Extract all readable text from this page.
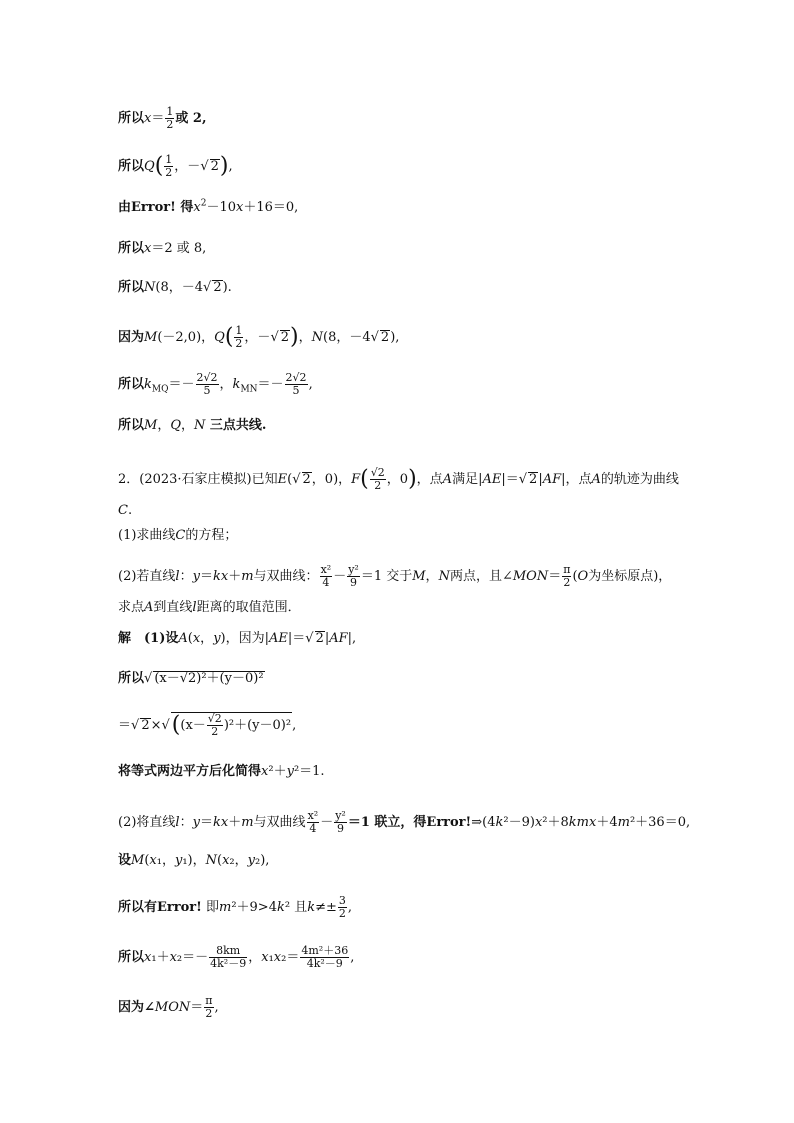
所以$x= \frac{1}{2}$ 或 2,
所以$Q( \frac{1}{2}$ ，－√ 2),
由Error! 得$x^2-10x+16=0$,
所以x＝2 或 8,
所以N(8，－4√ 2).
因为M(－2,0)，$Q( \frac{1}{2}$ ，－√ 2)，N(8，－4√ 2),
所以$k_{MQ}=- \frac{2√2}{5}$ ，$k_{MN}=- \frac{2√2}{5}$ ,
所以M，Q，N 三点共线.
2．(2023·石家庄模拟)已知E(√ 2，0)，$F( \frac{√2}{2}$ ，0)，点A满足|AE|＝√ 2|AF|，点A的轨迹为曲线
C.
(1)求曲线C的方程；
(2)若直线l：y＝kx＋m与双曲线： $\frac{\text{x²}}{4} - \frac{\text{y²}}{9} =1$ 交于M，N两点，且∠MON＝ $\frac{\pi}{2} (O$为坐标原点)，
求点A到直线l距离的取值范围．
解　(1)设A(x，y)，因为|AE|＝√ 2|AF|,
所以√ (x－√2)²＋(y－0)²
＝√ $2\times√((x- \frac{√2}{2} )^2+(y-0)^2$,
将等式两边平方后化简得x²＋y²＝1.
(2)将直线l：y＝kx＋m与双曲线 $\frac{\text{x²}}{4} - \frac{\text{y²}}{9} =1$ 联立，得Error!⇒(4k²－9)x²＋8kmx＋4m²＋36＝0,
设M(x₁，y₁)，N(x₂，y₂),
所以有Error! 即m²＋9>4k² 且$k\ne\pm \frac{3}{2}$ ,
所以$x_1+x_2=- \frac{8km}{\text{4k²－9}}$ ，$x_1x_2= \frac{\text{4m²＋36}}{\text{4k²－9}}$ ,
因为∠MON＝ $\frac{\pi}{2}$ ,
